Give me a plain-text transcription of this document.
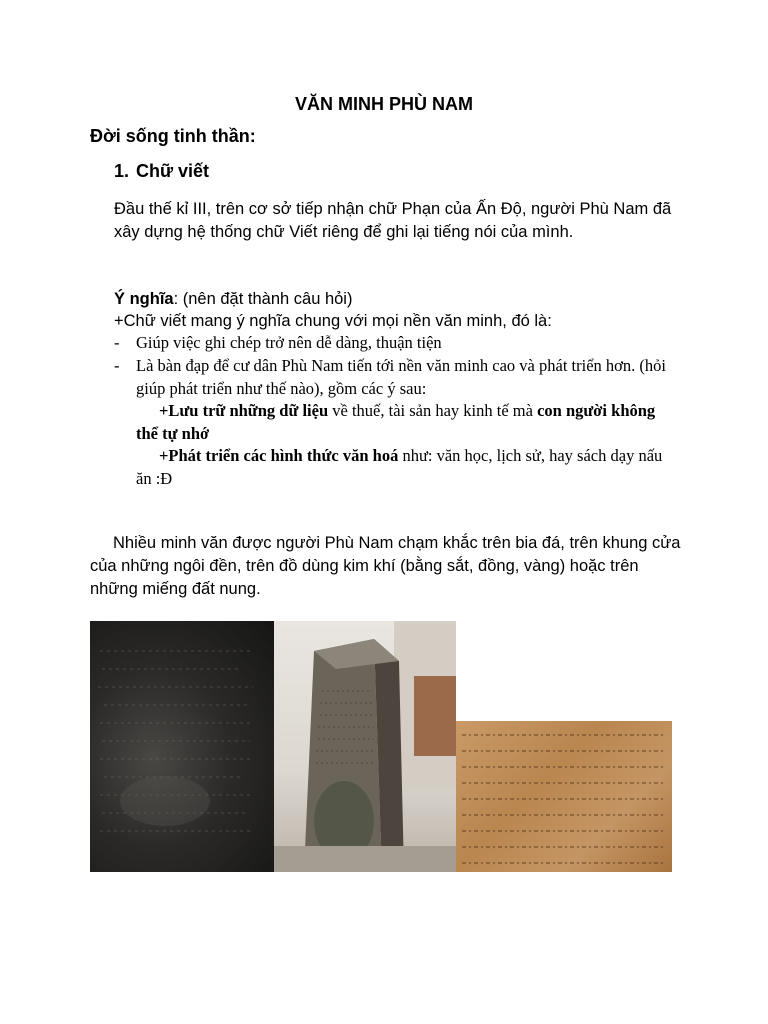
VĂN MINH PHÙ NAM
Đời sống tinh thần:
1. Chữ viết
Đầu thế kỉ III, trên cơ sở tiếp nhận chữ Phạn của Ấn Độ, người Phù Nam đã xây dựng hệ thống chữ Viết riêng để ghi lại tiếng nói của mình.
Ý nghĩa: (nên đặt thành câu hỏi)
+Chữ viết mang ý nghĩa chung với mọi nền văn minh, đó là:
- Giúp việc ghi chép trở nên dễ dàng, thuận tiện
- Là bàn đạp để cư dân Phù Nam tiến tới nền văn minh cao và phát triển hơn. (hỏi giúp phát triển như thế nào), gồm các ý sau:
+Lưu trữ những dữ liệu về thuế, tài sản hay kinh tế mà con người không thể tự nhớ
+Phát triển các hình thức văn hoá như: văn học, lịch sử, hay sách dạy nấu ăn :Đ
Nhiều minh văn được người Phù Nam chạm khắc trên bia đá, trên khung cửa của những ngôi đền, trên đồ dùng kim khí (bằng sắt, đồng, vàng) hoặc trên những miếng đất nung.
